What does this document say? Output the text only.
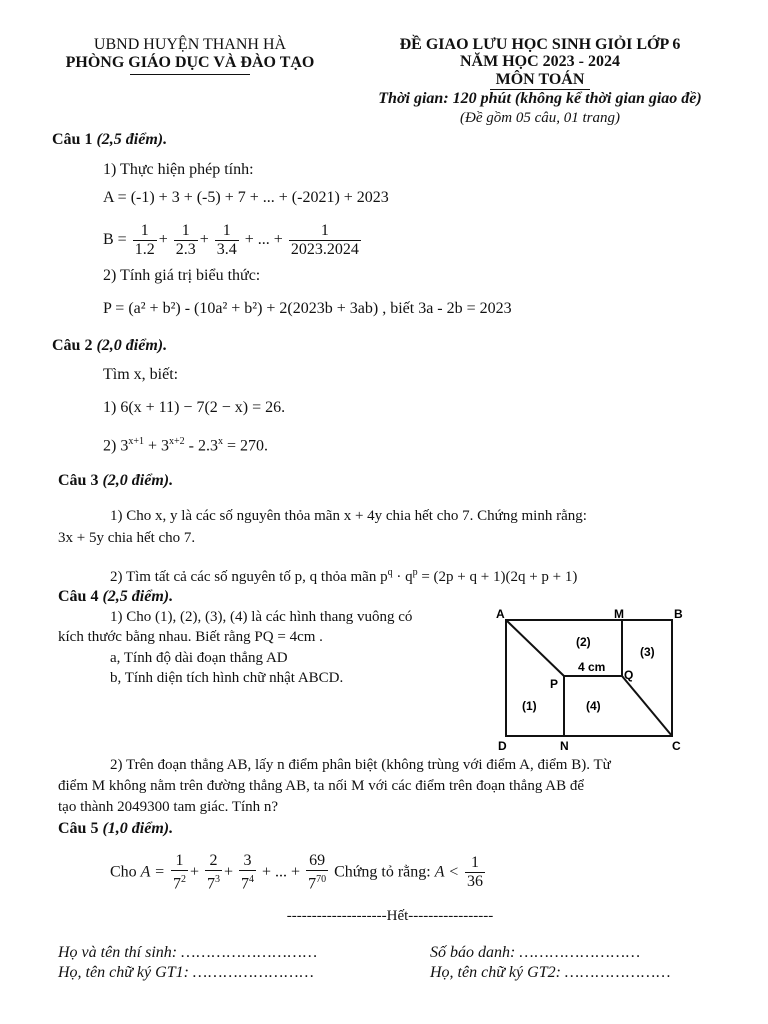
UBND HUYỆN THANH HÀ
PHÒNG GIÁO DỤC VÀ ĐÀO TẠO
ĐỀ GIAO LƯU HỌC SINH GIỎI LỚP 6
NĂM HỌC 2023 - 2024
MÔN TOÁN
Thời gian: 120 phút (không kể thời gian giao đề)
(Đề gồm 05 câu, 01 trang)
Câu 1 (2,5 điểm).
1) Thực hiện phép tính:
A = (-1) + 3 + (-5) + 7 + ... + (-2021) + 2023
$B = \frac{1}{1.2} + \frac{1}{2.3} + \frac{1}{3.4}$ + ... + $\frac{1}{2023.2024}$
2) Tính giá trị biểu thức:
P = (a² + b²) - (10a² + b²) + 2(2023b + 3ab) , biết 3a - 2b = 2023
Câu 2 (2,0 điểm).
Tìm x, biết:
1) 6(x + 11) − 7(2 − x) = 26.
2) $3^{x+1} + 3^{x+2} - 2.3^x = 270$.
Câu 3 (2,0 điểm).
1) Cho x, y là các số nguyên thỏa mãn x + 4y chia hết cho 7. Chứng minh rằng:
3x + 5y chia hết cho 7.
2) Tìm tất cả các số nguyên tố p, q thỏa mãn $p^q \cdot q^p = (2p + q + 1)(2q + p + 1)$
Câu 4 (2,5 điểm).
1) Cho (1), (2), (3), (4) là các hình thang vuông có
kích thước bằng nhau. Biết rằng PQ = 4cm .
a, Tính độ dài đoạn thẳng AD
b, Tính diện tích hình chữ nhật ABCD.
A	M	B
D	N	C
P
Q
(1)
(2)
(3)
(4)
4 cm
2) Trên đoạn thẳng AB, lấy n điểm phân biệt (không trùng với điểm A, điểm B). Từ
điểm M không nằm trên đường thẳng AB, ta nối M với các điểm trên đoạn thẳng AB để
tạo thành 2049300 tam giác. Tính n?
Câu 5 (1,0 điểm).
Cho $A = \frac{1}{7^2} + \frac{2}{7^3} + \frac{3}{7^4}$ + ... + $\frac{69}{7^{70}}$ Chứng tỏ rằng: $A < \frac{1}{36}$
--------------------Hết-----------------
Họ và tên thí sinh: ………………………	Số báo danh: ……………………
Họ, tên chữ ký GT1: ……………………	Họ, tên chữ ký GT2: …………………
